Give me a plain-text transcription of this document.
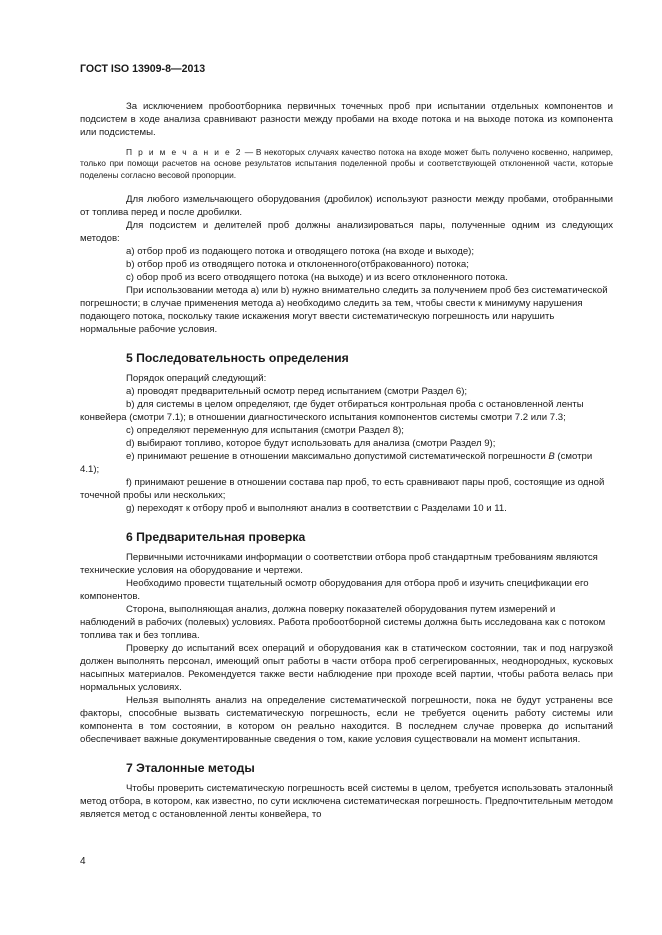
ГОСТ ISO 13909-8—2013

За исключением пробоотборника первичных точечных проб при испытании отдельных компонентов и подсистем в ходе анализа сравнивают разности между пробами на входе потока и на выходе потока из компонента или подсистемы.

П р и м е ч а н и е 2 — В некоторых случаях качество потока на входе может быть получено косвенно, например, только при помощи расчетов на основе результатов испытания поделенной пробы и соответствующей отклоненной части, которые поделены согласно весовой пропорции.

Для любого измельчающего оборудования (дробилок) используют разности между пробами, отобранными от топлива перед и после дробилки.

Для подсистем и делителей проб должны анализироваться пары, полученные одним из следующих методов:

а) отбор проб из подающего потока и отводящего потока (на входе и выходе);

b) отбор проб из отводящего потока и отклоненного(отбракованного) потока;

с) обор проб из всего отводящего потока (на выходе) и из всего отклоненного потока.

При использовании метода а) или b) нужно внимательно следить за получением проб без систематической погрешности; в случае применения метода а) необходимо следить за тем, чтобы свести к минимуму нарушения подающего потока, поскольку такие искажения могут ввести систематическую погрешность или нарушить нормальные рабочие условия.

5 Последовательность определения

Порядок операций следующий:

a) проводят предварительный осмотр перед испытанием (смотри Раздел 6);

b) для системы в целом определяют, где будет отбираться контрольная проба с остановленной ленты конвейера (смотри 7.1); в отношении диагностического испытания компонентов системы смотри 7.2 или 7.3;

c) определяют переменную для испытания (смотри Раздел 8);

d) выбирают топливо, которое будут использовать для анализа (смотри Раздел 9);

e) принимают решение в отношении максимально допустимой систематической погрешности B (смотри 4.1);

f) принимают решение в отношении состава пар проб, то есть сравнивают пары проб, состоящие из одной точечной пробы или нескольких;

g) переходят к отбору проб и выполняют анализ в соответствии с Разделами 10 и 11.

6 Предварительная проверка

Первичными источниками информации о соответствии отбора проб стандартным требованиям являются технические условия на оборудование и чертежи.

Необходимо провести тщательный осмотр оборудования для отбора проб и изучить спецификации его компонентов.

Сторона, выполняющая анализ, должна поверку показателей оборудования путем измерений и наблюдений в рабочих (полевых) условиях. Работа пробоотборной системы должна быть исследована как с потоком топлива так и без топлива.

Проверку до испытаний всех операций и оборудования как в статическом состоянии, так и под нагрузкой должен выполнять персонал, имеющий опыт работы в части отбора проб сегрегированных, неоднородных, кусковых насыпных материалов. Рекомендуется также вести наблюдение при проходе всей партии, чтобы работа велась при нормальных условиях.

Нельзя выполнять анализ на определение систематической погрешности, пока не будут устранены все факторы, способные вызвать систематическую погрешность, если не требуется оценить работу системы или компонента в том состоянии, в котором он реально находится. В последнем случае проверка до испытаний обеспечивает важные документированные сведения о том, какие условия существовали на момент испытания.

7 Эталонные методы

Чтобы проверить систематическую погрешность всей системы в целом, требуется использовать эталонный метод отбора, в котором, как известно, по сути исключена систематическая погрешность. Предпочтительным методом является метод с остановленной ленты конвейера, то

4
